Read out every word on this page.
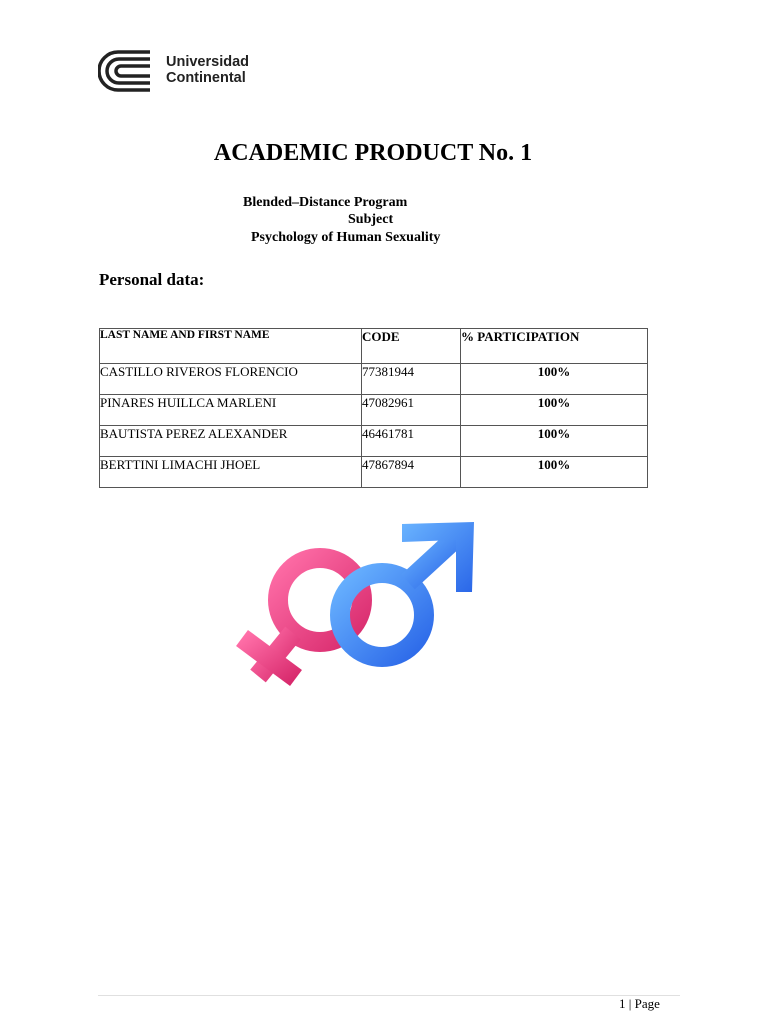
Universidad
Continental
ACADEMIC PRODUCT No. 1
Blended–Distance Program
Subject
Psychology of Human Sexuality
Personal data:
LAST NAME AND FIRST NAME	CODE	% PARTICIPATION
CASTILLO RIVEROS FLORENCIO	77381944	100%
PINARES HUILLCA MARLENI	47082961	100%
BAUTISTA PEREZ ALEXANDER	46461781	100%
BERTTINI LIMACHI JHOEL	47867894	100%
1 | Page
